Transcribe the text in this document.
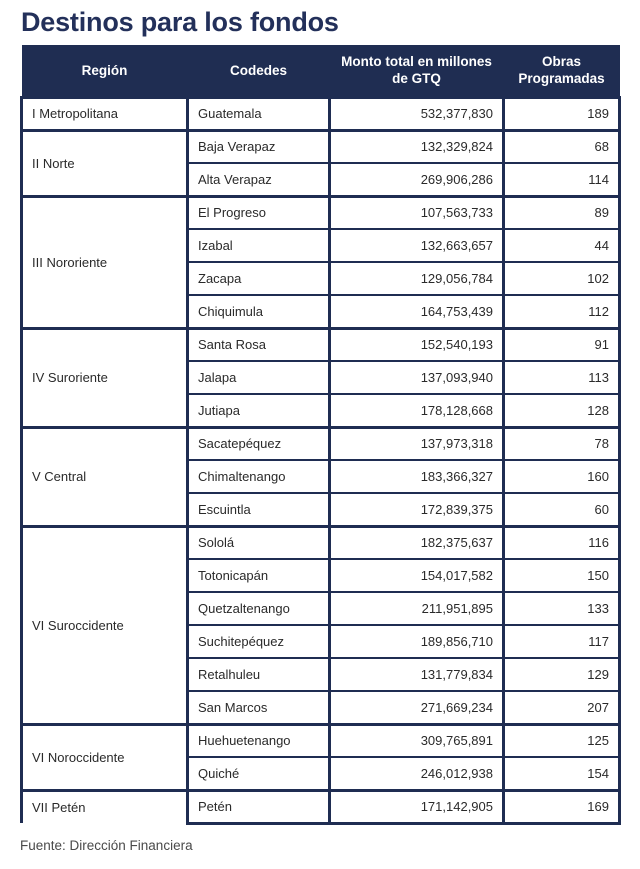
Destinos para los fondos
Región	Codedes	Monto total en millones de GTQ	Obras Programadas
I Metropolitana	Guatemala	532,377,830	189
II Norte	Baja Verapaz	132,329,824	68
	Alta Verapaz	269,906,286	114
III Nororiente	El Progreso	107,563,733	89
	Izabal	132,663,657	44
	Zacapa	129,056,784	102
	Chiquimula	164,753,439	112
IV Suroriente	Santa Rosa	152,540,193	91
	Jalapa	137,093,940	113
	Jutiapa	178,128,668	128
V Central	Sacatepéquez	137,973,318	78
	Chimaltenango	183,366,327	160
	Escuintla	172,839,375	60
VI Suroccidente	Sololá	182,375,637	116
	Totonicapán	154,017,582	150
	Quetzaltenango	211,951,895	133
	Suchitepéquez	189,856,710	117
	Retalhuleu	131,779,834	129
	San Marcos	271,669,234	207
VI Noroccidente	Huehuetenango	309,765,891	125
	Quiché	246,012,938	154
VII Petén	Petén	171,142,905	169
Fuente: Dirección Financiera
